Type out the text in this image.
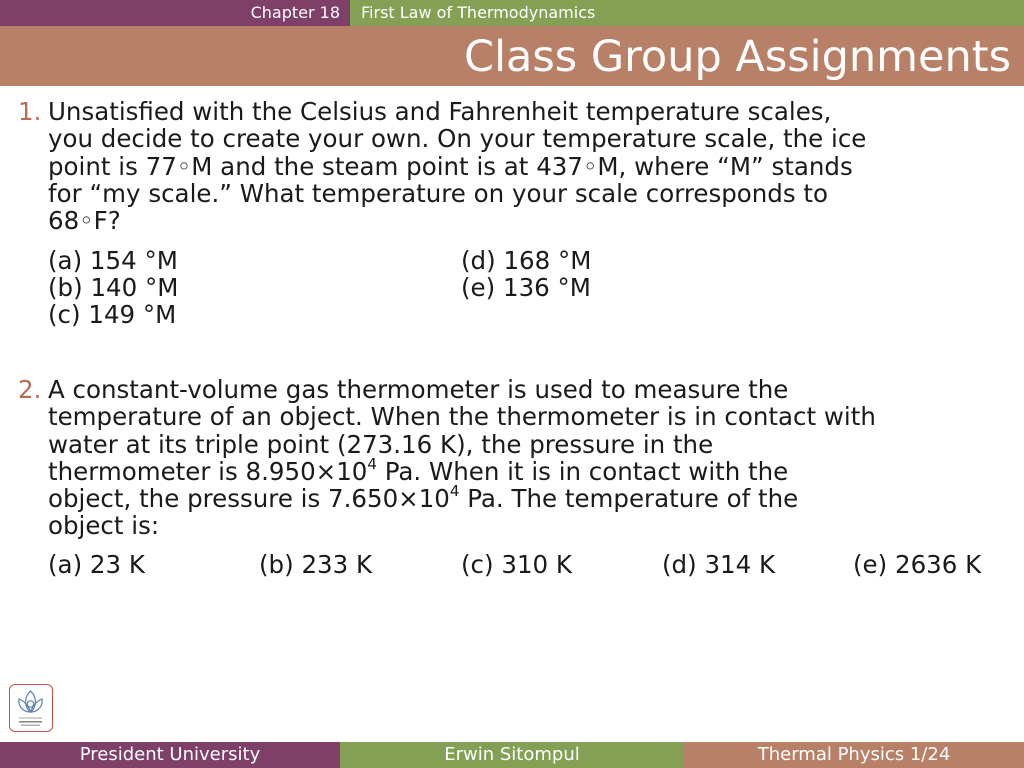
Chapter 18	First Law of Thermodynamics
Class Group Assignments
1. Unsatisfied with the Celsius and Fahrenheit temperature scales,
you decide to create your own. On your temperature scale, the ice
point is 77◦M and the steam point is at 437◦M, where “M” stands
for “my scale.” What temperature on your scale corresponds to
68◦F?
(a) 154 °M
(b) 140 °M
(c) 149 °M
(d) 168 °M
(e) 136 °M
2. A constant-volume gas thermometer is used to measure the
temperature of an object. When the thermometer is in contact with
water at its triple point (273.16 K), the pressure in the
thermometer is $8.950\times 10^4$ Pa. When it is in contact with the
object, the pressure is $7.650\times 10^4$ Pa. The temperature of the
object is:
(a) 23 K	(b) 233 K	(c) 310 K	(d) 314 K	(e) 2636 K
President University	Erwin Sitompul	Thermal Physics 1/24
